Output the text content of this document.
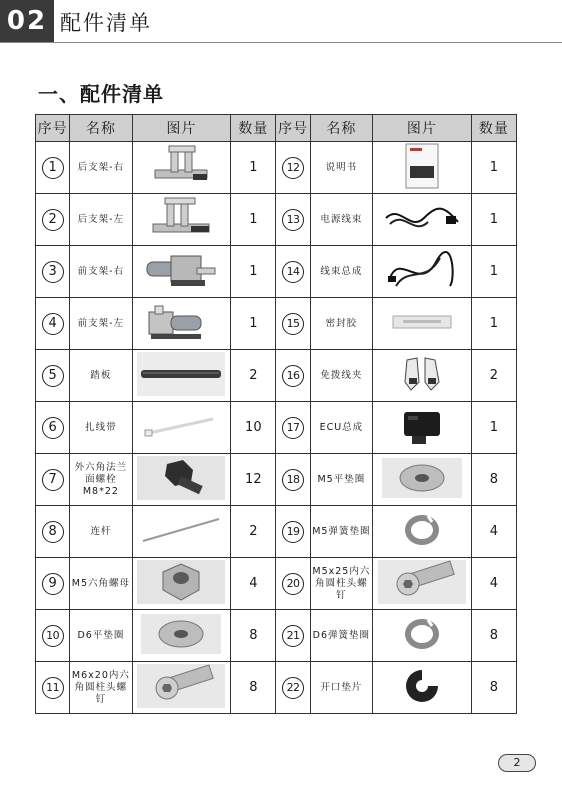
02 配件清单
一、配件清单
序号	名称	图片	数量	序号	名称	图片	数量
1	后支架-右		1	12	说明书		1
2	后支架-左		1	13	电源线束		1
3	前支架-右		1	14	线束总成		1
4	前支架-左		1	15	密封胶		1
5	踏板		2	16	免拨线夹		2
6	扎线带		10	17	ECU总成		1
7	外六角法兰面螺栓M8*22		12	18	M5平垫圈		8
8	连杆		2	19	M5弹簧垫圈		4
9	M5六角螺母		4	20	M5x25内六角圆柱头螺钉		4
10	D6平垫圈		8	21	D6弹簧垫圈		8
11	M6x20内六角圆柱头螺钉		8	22	开口垫片		8
2
